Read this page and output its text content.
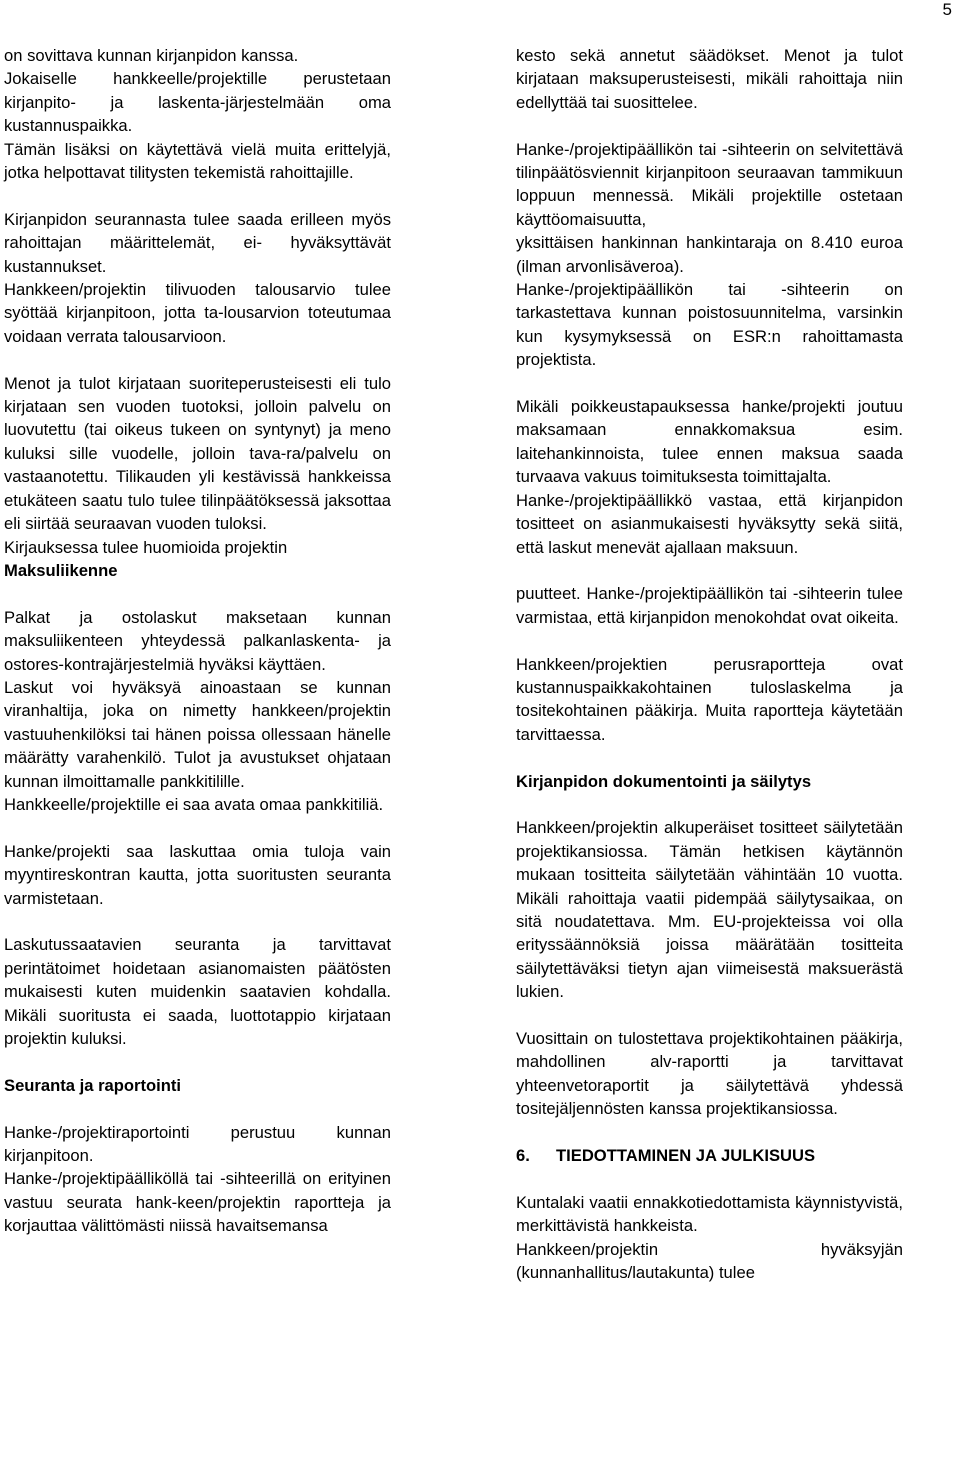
5

on sovittava kunnan kirjanpidon kanssa.
Jokaiselle hankkeelle/projektille perustetaan kirjanpito- ja laskenta-järjestelmään oma kustannuspaikka.
Tämän lisäksi on käytettävä vielä muita erittelyjä, jotka helpottavat tilitysten tekemistä rahoittajille.

Kirjanpidon seurannasta tulee saada erilleen myös rahoittajan määrittelemät, ei- hyväksyttävät kustannukset.
Hankkeen/projektin tilivuoden talousarvio tulee syöttää kirjanpitoon, jotta ta-lousarvion toteutumaa voidaan verrata talousarvioon.

Menot ja tulot kirjataan suoriteperusteisesti eli tulo kirjataan sen vuoden tuotoksi, jolloin palvelu on luovutettu (tai oikeus tukeen on syntynyt) ja meno kuluksi sille vuodelle, jolloin tava-ra/palvelu on vastaanotettu. Tilikauden yli kestävissä hankkeissa etukäteen saatu tulo tulee tilinpäätöksessä jaksottaa eli siirtää seuraavan vuoden tuloksi.
Kirjauksessa tulee huomioida projektin

Maksuliikenne

Palkat ja ostolaskut maksetaan kunnan maksuliikenteen yhteydessä palkanlaskenta- ja ostores-kontrajärjestelmiä hyväksi käyttäen.
Laskut voi hyväksyä ainoastaan se kunnan viranhaltija, joka on nimetty hankkeen/projektin vastuuhenkilöksi tai hänen poissa ollessaan hänelle määrätty varahenkilö. Tulot ja avustukset ohjataan kunnan ilmoittamalle pankkitilille.
Hankkeelle/projektille ei saa avata omaa pankkitiliä.

Hanke/projekti saa laskuttaa omia tuloja vain myyntireskontran kautta, jotta suoritusten seuranta varmistetaan.

Laskutussaatavien seuranta ja tarvittavat perintätoimet hoidetaan asianomaisten päätösten mukaisesti kuten muidenkin saatavien kohdalla. Mikäli suoritusta ei saada, luottotappio kirjataan projektin kuluksi.

Seuranta ja raportointi

Hanke-/projektiraportointi perustuu kunnan kirjanpitoon.
Hanke-/projektipäälliköllä tai -sihteerillä on erityinen vastuu seurata hank-keen/projektin raportteja ja korjauttaa välittömästi niissä havaitsemansa

kesto sekä annetut säädökset. Menot ja tulot kirjataan maksuperusteisesti, mikäli rahoittaja niin edellyttää tai suosittelee.

Hanke-/projektipäällikön tai -sihteerin on selvitettävä tilinpäätösviennit kirjanpitoon seuraavan tammikuun loppuun mennessä. Mikäli projektille ostetaan käyttöomaisuutta,
yksittäisen hankinnan hankintaraja on 8.410 euroa (ilman arvonlisäveroa).
Hanke-/projektipäällikön tai -sihteerin on tarkastettava kunnan poistosuunnitelma, varsinkin kun kysymyksessä on ESR:n rahoittamasta projektista.

Mikäli poikkeustapauksessa hanke/projekti joutuu maksamaan ennakkomaksua esim. laitehankinnoista, tulee ennen maksua saada turvaava vakuus toimituksesta toimittajalta.
Hanke-/projektipäällikkö vastaa, että kirjanpidon tositteet on asianmukaisesti hyväksytty sekä siitä, että laskut menevät ajallaan maksuun.

puutteet. Hanke-/projektipäällikön tai -sihteerin tulee varmistaa, että kirjanpidon menokohdat ovat oikeita.

Hankkeen/projektien perusraportteja ovat kustannuspaikkakohtainen tuloslaskelma ja tositekohtainen pääkirja. Muita raportteja käytetään tarvittaessa.

Kirjanpidon dokumentointi ja säilytys

Hankkeen/projektin alkuperäiset tositteet säilytetään projektikansiossa. Tämän hetkisen käytännön mukaan tositteita säilytetään vähintään 10 vuotta. Mikäli rahoittaja vaatii pidempää säilytysaikaa, on sitä noudatettava. Mm. EU-projekteissa voi olla erityssäännöksiä joissa määrätään tositteita säilytettäväksi tietyn ajan viimeisestä maksuerästä lukien.

Vuosittain on tulostettava projektikohtainen pääkirja, mahdollinen alv-raportti ja tarvittavat yhteenvetoraportit ja säilytettävä yhdessä tositejäljennösten kanssa projektikansiossa.

6. TIEDOTTAMINEN JA JULKISUUS

Kuntalaki vaatii ennakkotiedottamista käynnistyvistä, merkittävistä hankkeista.
Hankkeen/projektin hyväksyjän (kunnanhallitus/lautakunta) tulee
